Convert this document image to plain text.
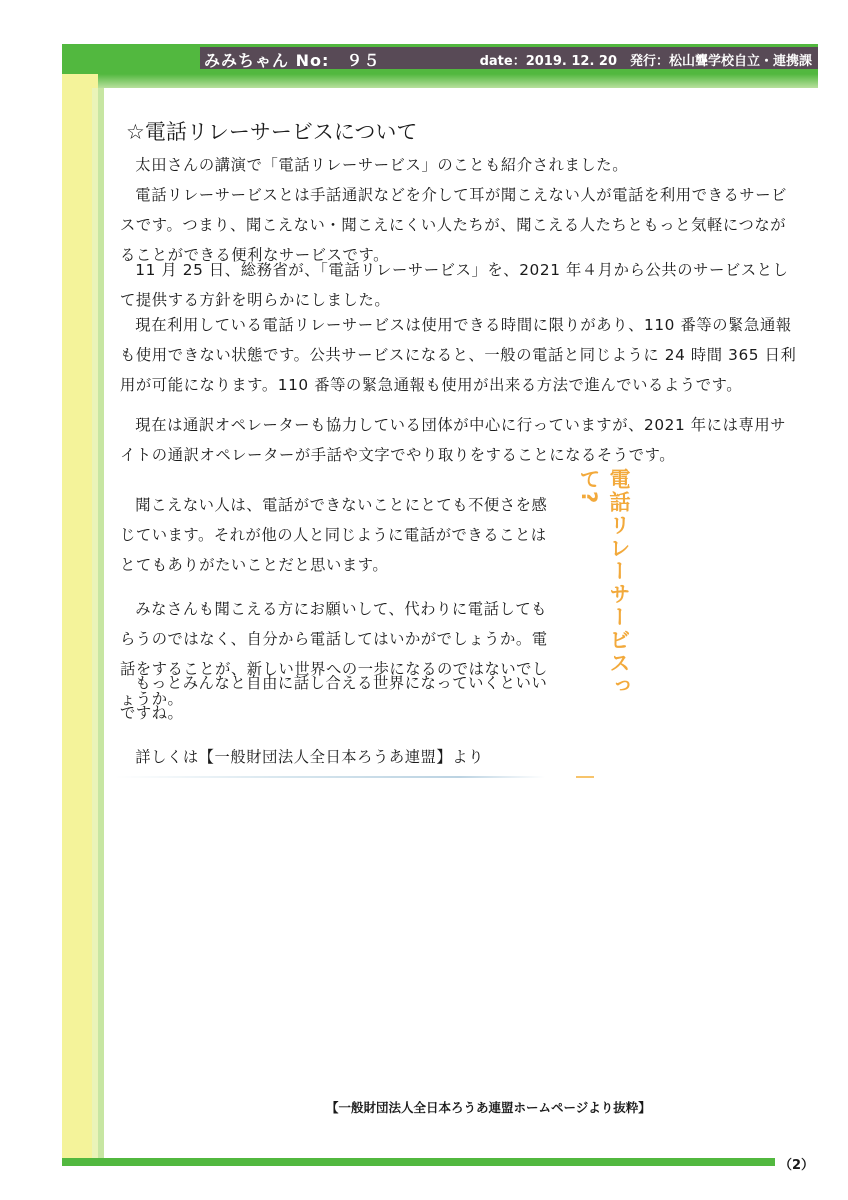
みみちゃん No:　９５	date：2019. 12. 20　発行：松山聾学校自立・連携課
☆電話リレーサービスについて

太田さんの講演で「電話リレーサービス」のことも紹介されました。

電話リレーサービスとは手話通訳などを介して耳が聞こえない人が電話を利用できるサービスです。つまり、聞こえない・聞こえにくい人たちが、聞こえる人たちともっと気軽につながることができる便利なサービスです。

11 月 25 日、総務省が、「電話リレーサービス」を、2021 年４月から公共のサービスとして提供する方針を明らかにしました。

現在利用している電話リレーサービスは使用できる時間に限りがあり、110 番等の緊急通報も使用できない状態です。公共サービスになると、一般の電話と同じように 24 時間 365 日利用が可能になります。110 番等の緊急通報も使用が出来る方法で進んでいるようです。

現在は通訳オペレーターも協力している団体が中心に行っていますが、2021 年には専用サイトの通訳オペレーターが手話や文字でやり取りをすることになるそうです。

聞こえない人は、電話ができないことにとても不便さを感じています。それが他の人と同じように電話ができることはとてもありがたいことだと思います。

みなさんも聞こえる方にお願いして、代わりに電話してもらうのではなく、自分から電話してはいかがでしょうか。電話をすることが、新しい世界への一歩になるのではないでしょうか。

もっとみんなと自由に話し合える世界になっていくといいですね。

詳しくは【一般財団法人全日本ろうあ連盟】より

電話リレーサービスって?
【一般財団法人全日本ろうあ連盟ホームページより抜粋】
（2）
